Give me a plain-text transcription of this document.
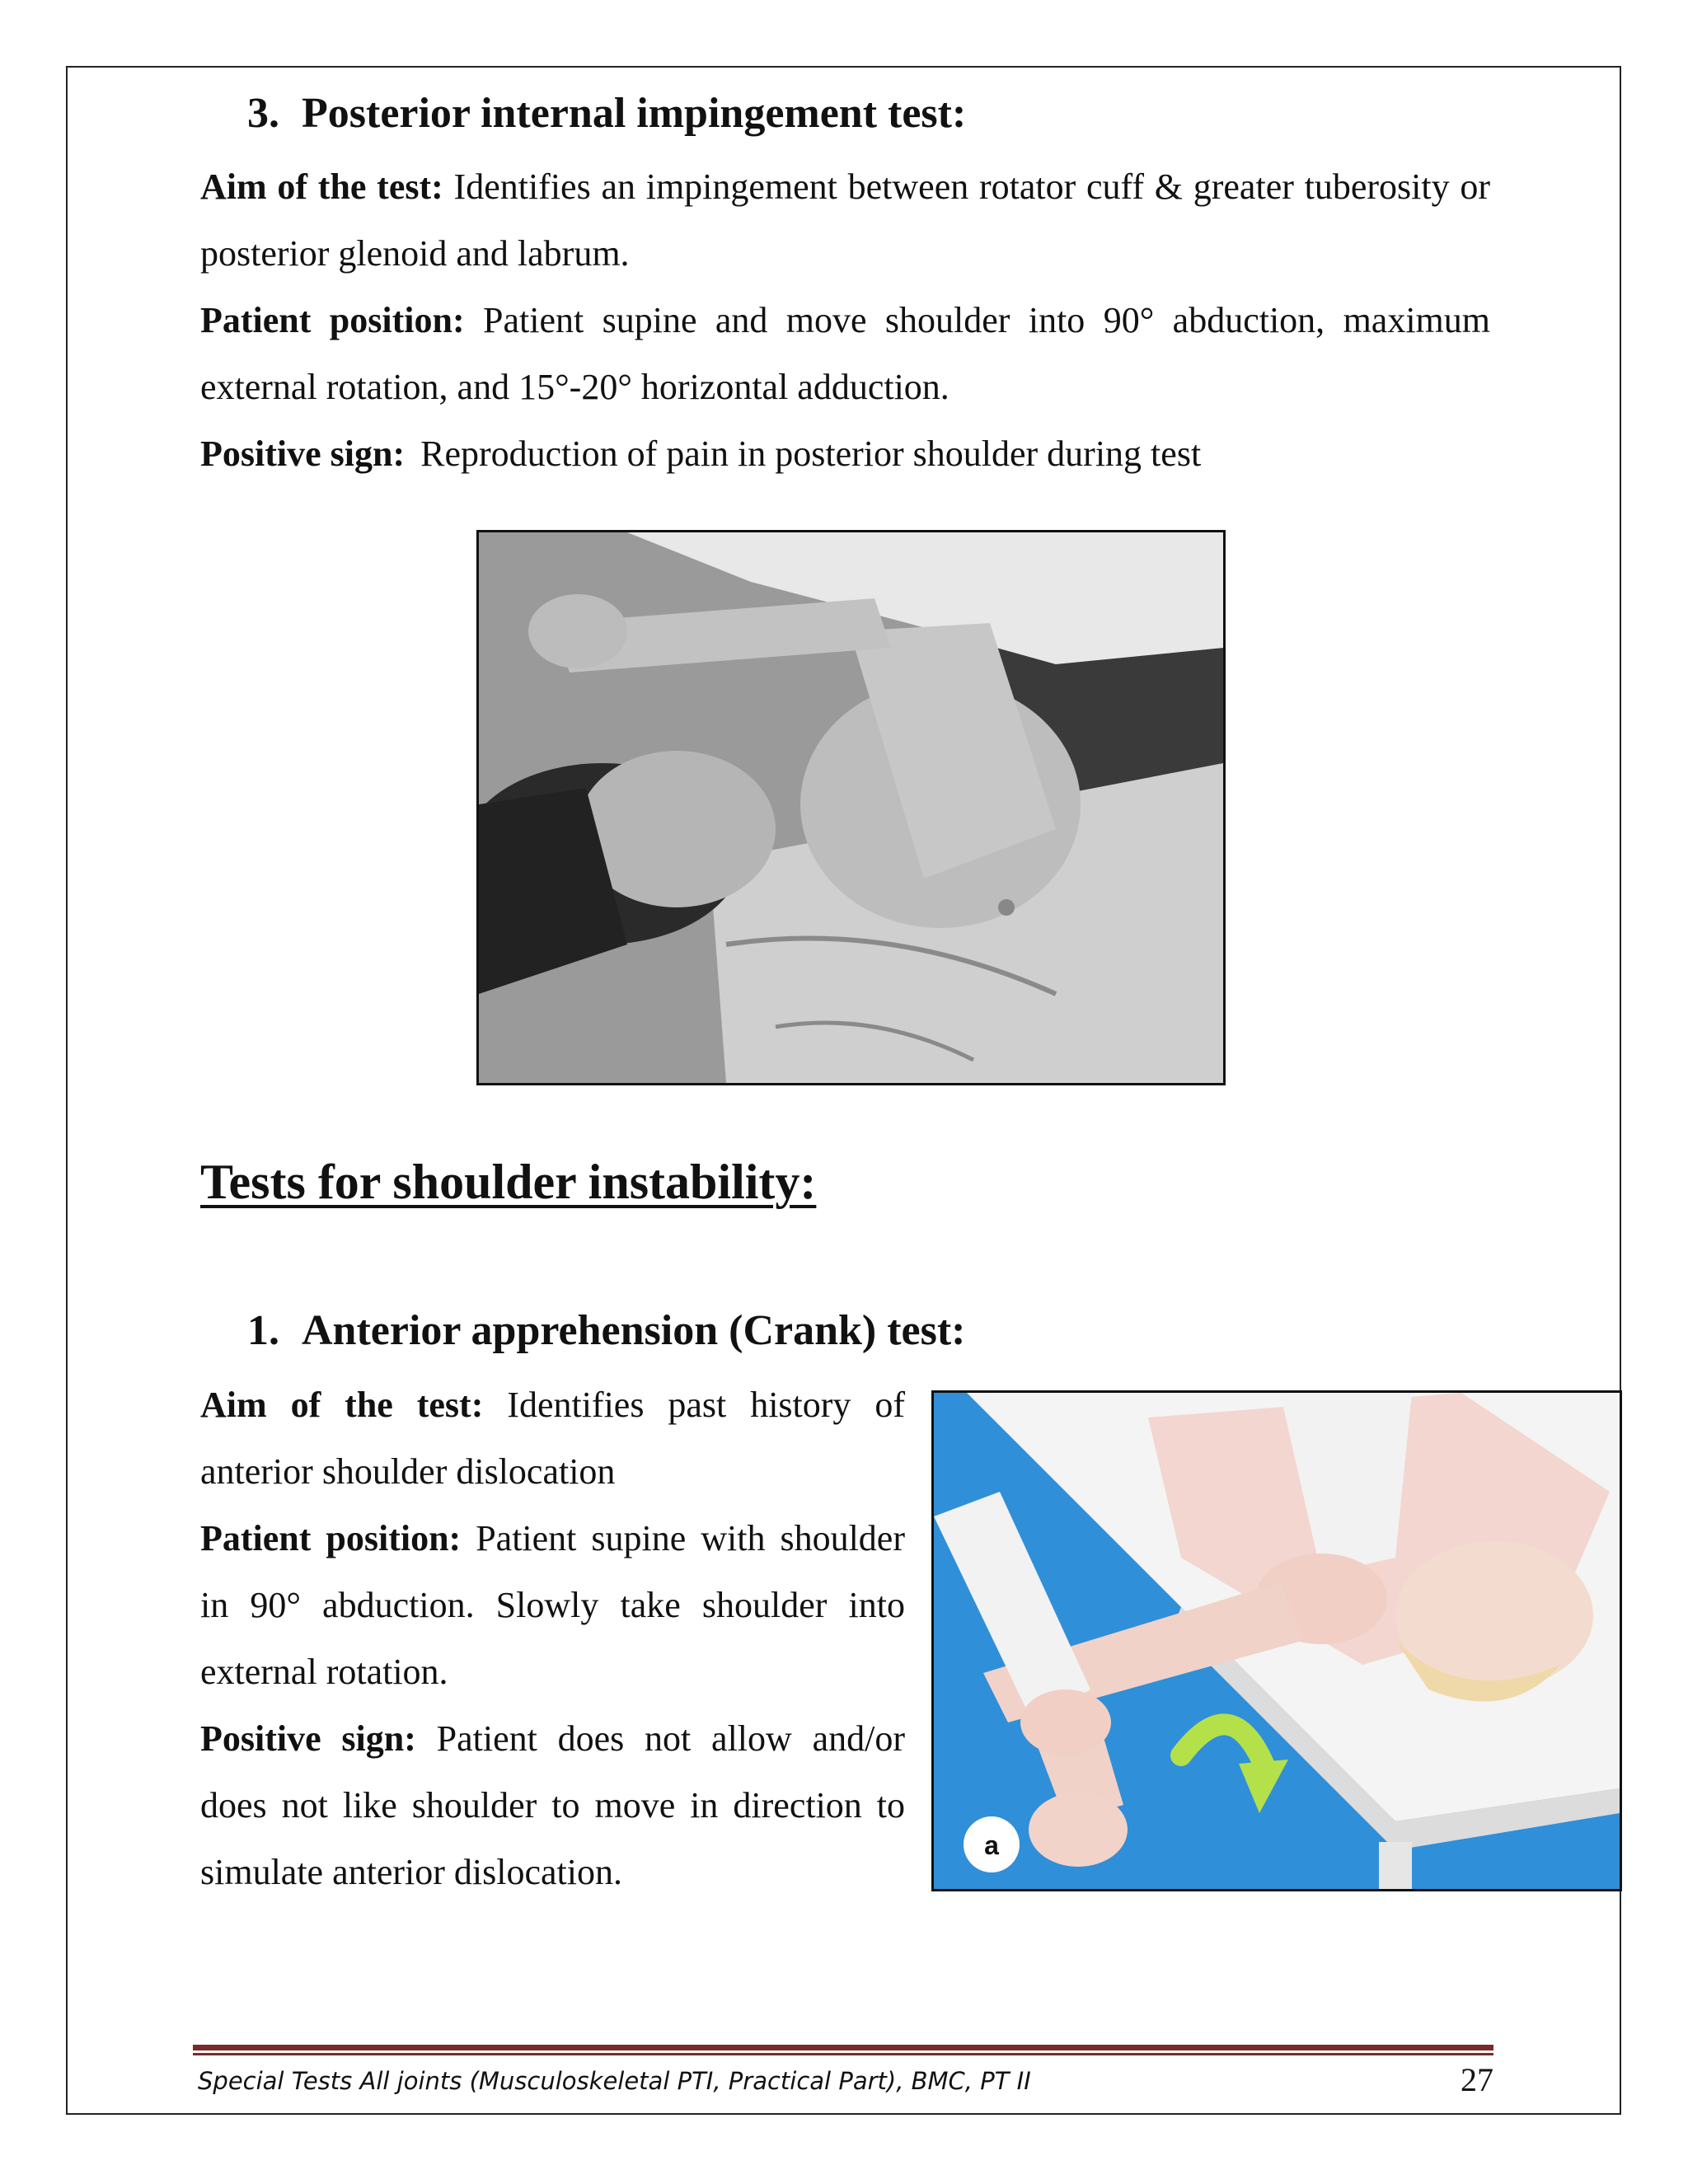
3. Posterior internal impingement test:
Aim of the test: Identifies an impingement between rotator cuff & greater tuberosity or posterior glenoid and labrum.
Patient position: Patient supine and move shoulder into 90° abduction, maximum external rotation, and 15°-20° horizontal adduction.
Positive sign: Reproduction of pain in posterior shoulder during test
Tests for shoulder instability:
1. Anterior apprehension (Crank) test:
Aim of the test: Identifies past history of anterior shoulder dislocation
Patient position: Patient supine with shoulder in 90° abduction. Slowly take shoulder into external rotation.
Positive sign: Patient does not allow and/or does not like shoulder to move in direction to simulate anterior dislocation.
a
Special Tests All joints (Musculoskeletal PTI, Practical Part), BMC, PT II	27
